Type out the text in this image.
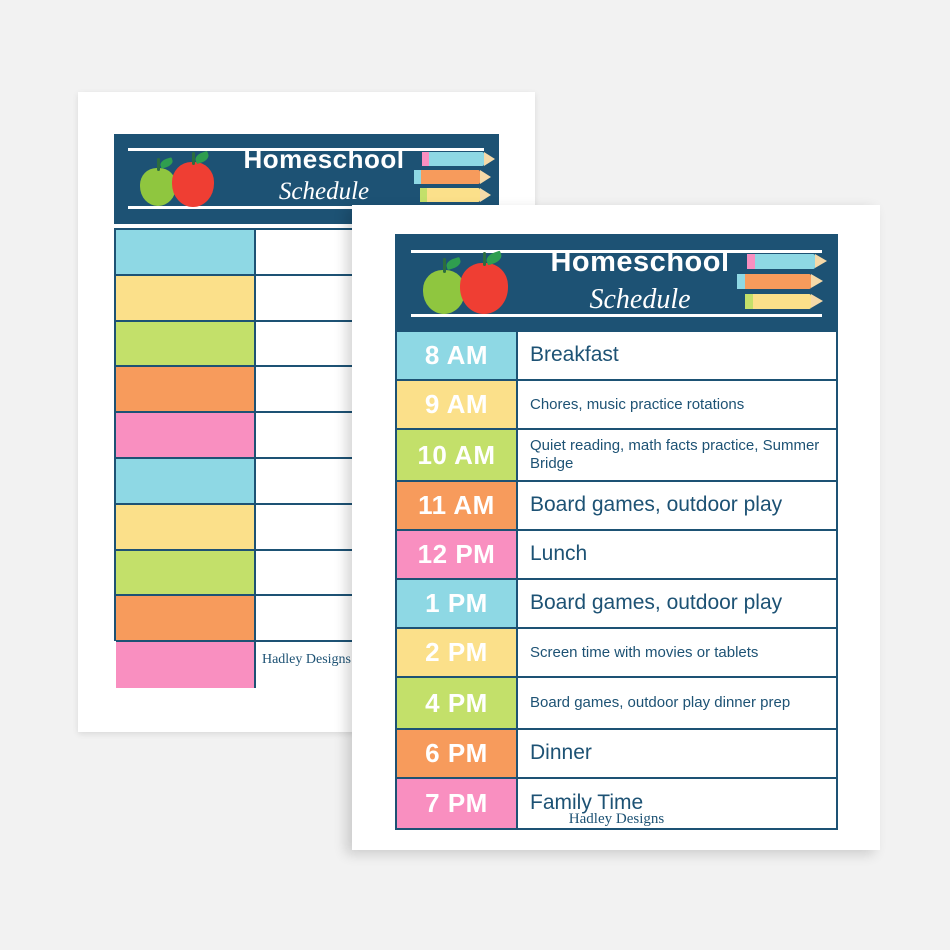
Homeschool
Schedule
Hadley Designs
Homeschool
Schedule
8 AM	Breakfast
9 AM	Chores, music practice rotations
10 AM	Quiet reading, math facts practice, Summer Bridge
11 AM	Board games, outdoor play
12 PM	Lunch
1 PM	Board games, outdoor play
2 PM	Screen time with movies or tablets
4 PM	Board games, outdoor play dinner prep
6 PM	Dinner
7 PM	Family Time
Hadley Designs
